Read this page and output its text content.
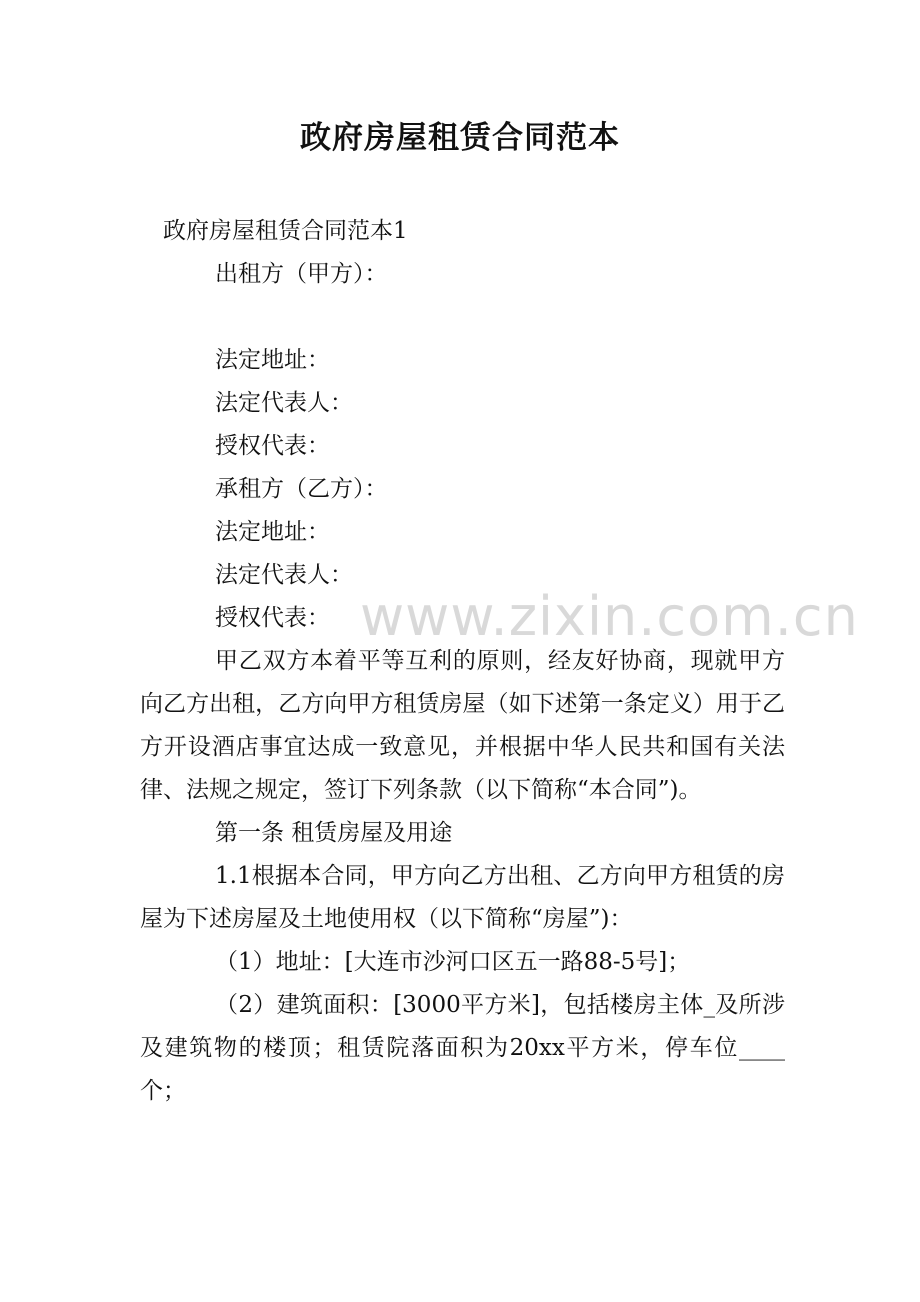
政府房屋租赁合同范本
政府房屋租赁合同范本1
出租方（甲方）：
法定地址：
法定代表人：
授权代表：
承租方（乙方）：
法定地址：
法定代表人：
授权代表：
甲乙双方本着平等互利的原则，经友好协商，现就甲方向乙方出租，乙方向甲方租赁房屋（如下述第一条定义）用于乙方开设酒店事宜达成一致意见，并根据中华人民共和国有关法律、法规之规定，签订下列条款（以下简称“本合同”)。
第一条 租赁房屋及用途
1.1根据本合同，甲方向乙方出租、乙方向甲方租赁的房屋为下述房屋及土地使用权（以下简称“房屋”)：
（1）地址：[大连市沙河口区五一路88-5号]；
（2）建筑面积：[3000平方米]，包括楼房主体_及所涉及建筑物的楼顶；租赁院落面积为20xx平方米，停车位____个；
www.zixin.com.cn
